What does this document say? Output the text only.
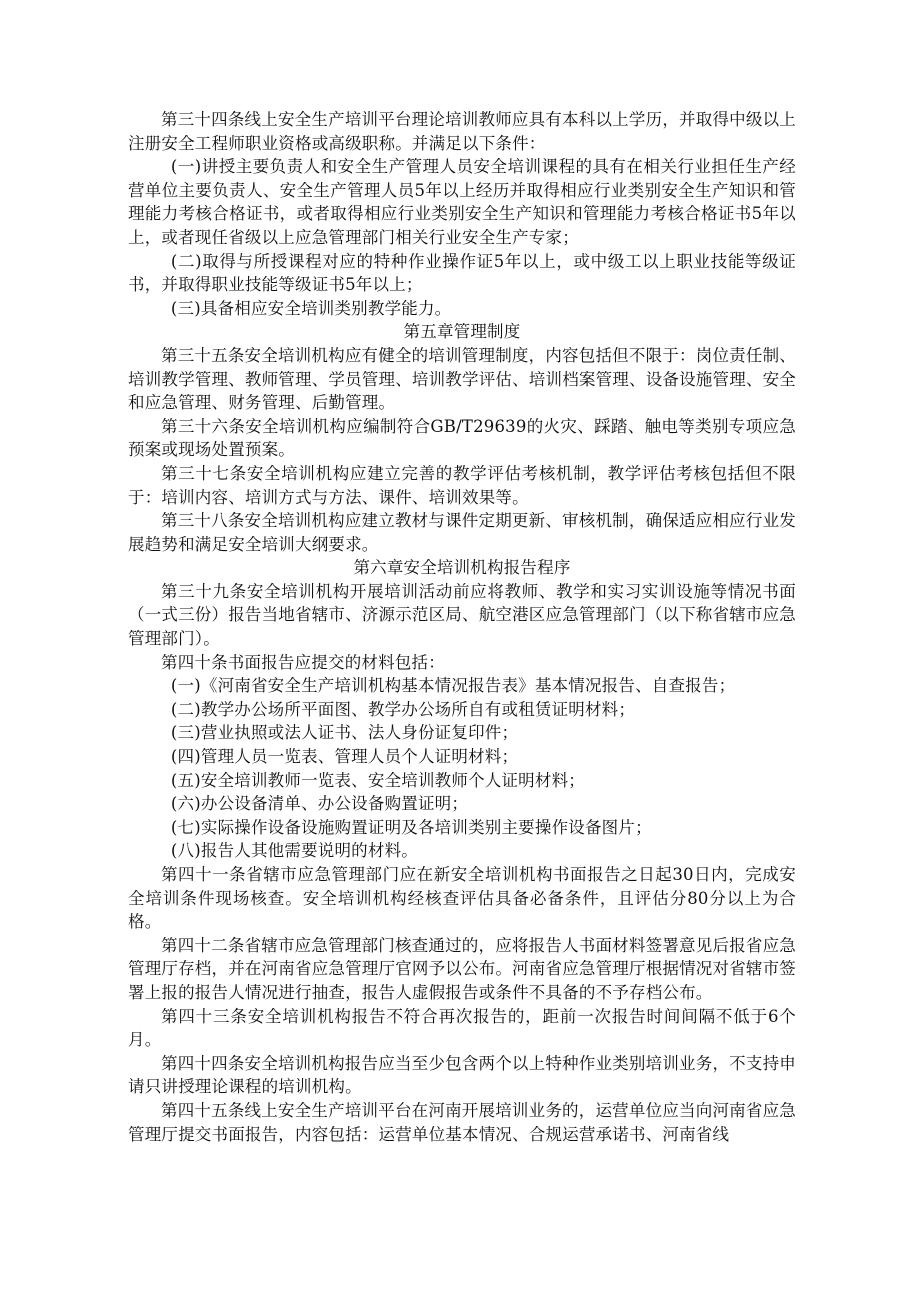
第三十四条线上安全生产培训平台理论培训教师应具有本科以上学历，并取得中级以上注册安全工程师职业资格或高级职称。并满足以下条件：

(一)讲授主要负责人和安全生产管理人员安全培训课程的具有在相关行业担任生产经营单位主要负责人、安全生产管理人员5年以上经历并取得相应行业类别安全生产知识和管理能力考核合格证书，或者取得相应行业类别安全生产知识和管理能力考核合格证书5年以上，或者现任省级以上应急管理部门相关行业安全生产专家；

(二)取得与所授课程对应的特种作业操作证5年以上，或中级工以上职业技能等级证书，并取得职业技能等级证书5年以上；

(三)具备相应安全培训类别教学能力。

第五章管理制度

第三十五条安全培训机构应有健全的培训管理制度，内容包括但不限于：岗位责任制、培训教学管理、教师管理、学员管理、培训教学评估、培训档案管理、设备设施管理、安全和应急管理、财务管理、后勤管理。

第三十六条安全培训机构应编制符合GB/T29639的火灾、踩踏、触电等类别专项应急预案或现场处置预案。

第三十七条安全培训机构应建立完善的教学评估考核机制，教学评估考核包括但不限于：培训内容、培训方式与方法、课件、培训效果等。

第三十八条安全培训机构应建立教材与课件定期更新、审核机制，确保适应相应行业发展趋势和满足安全培训大纲要求。

第六章安全培训机构报告程序

第三十九条安全培训机构开展培训活动前应将教师、教学和实习实训设施等情况书面（一式三份）报告当地省辖市、济源示范区局、航空港区应急管理部门（以下称省辖市应急管理部门）。

第四十条书面报告应提交的材料包括：

(一)《河南省安全生产培训机构基本情况报告表》基本情况报告、自查报告；

(二)教学办公场所平面图、教学办公场所自有或租赁证明材料；

(三)营业执照或法人证书、法人身份证复印件；

(四)管理人员一览表、管理人员个人证明材料；

(五)安全培训教师一览表、安全培训教师个人证明材料；

(六)办公设备清单、办公设备购置证明；

(七)实际操作设备设施购置证明及各培训类别主要操作设备图片；

(八)报告人其他需要说明的材料。

第四十一条省辖市应急管理部门应在新安全培训机构书面报告之日起30日内，完成安全培训条件现场核查。安全培训机构经核查评估具备必备条件，且评估分80分以上为合格。

第四十二条省辖市应急管理部门核查通过的，应将报告人书面材料签署意见后报省应急管理厅存档，并在河南省应急管理厅官网予以公布。河南省应急管理厅根据情况对省辖市签署上报的报告人情况进行抽查，报告人虚假报告或条件不具备的不予存档公布。

第四十三条安全培训机构报告不符合再次报告的，距前一次报告时间间隔不低于6个月。

第四十四条安全培训机构报告应当至少包含两个以上特种作业类别培训业务，不支持申请只讲授理论课程的培训机构。

第四十五条线上安全生产培训平台在河南开展培训业务的，运营单位应当向河南省应急管理厅提交书面报告，内容包括：运营单位基本情况、合规运营承诺书、河南省线
